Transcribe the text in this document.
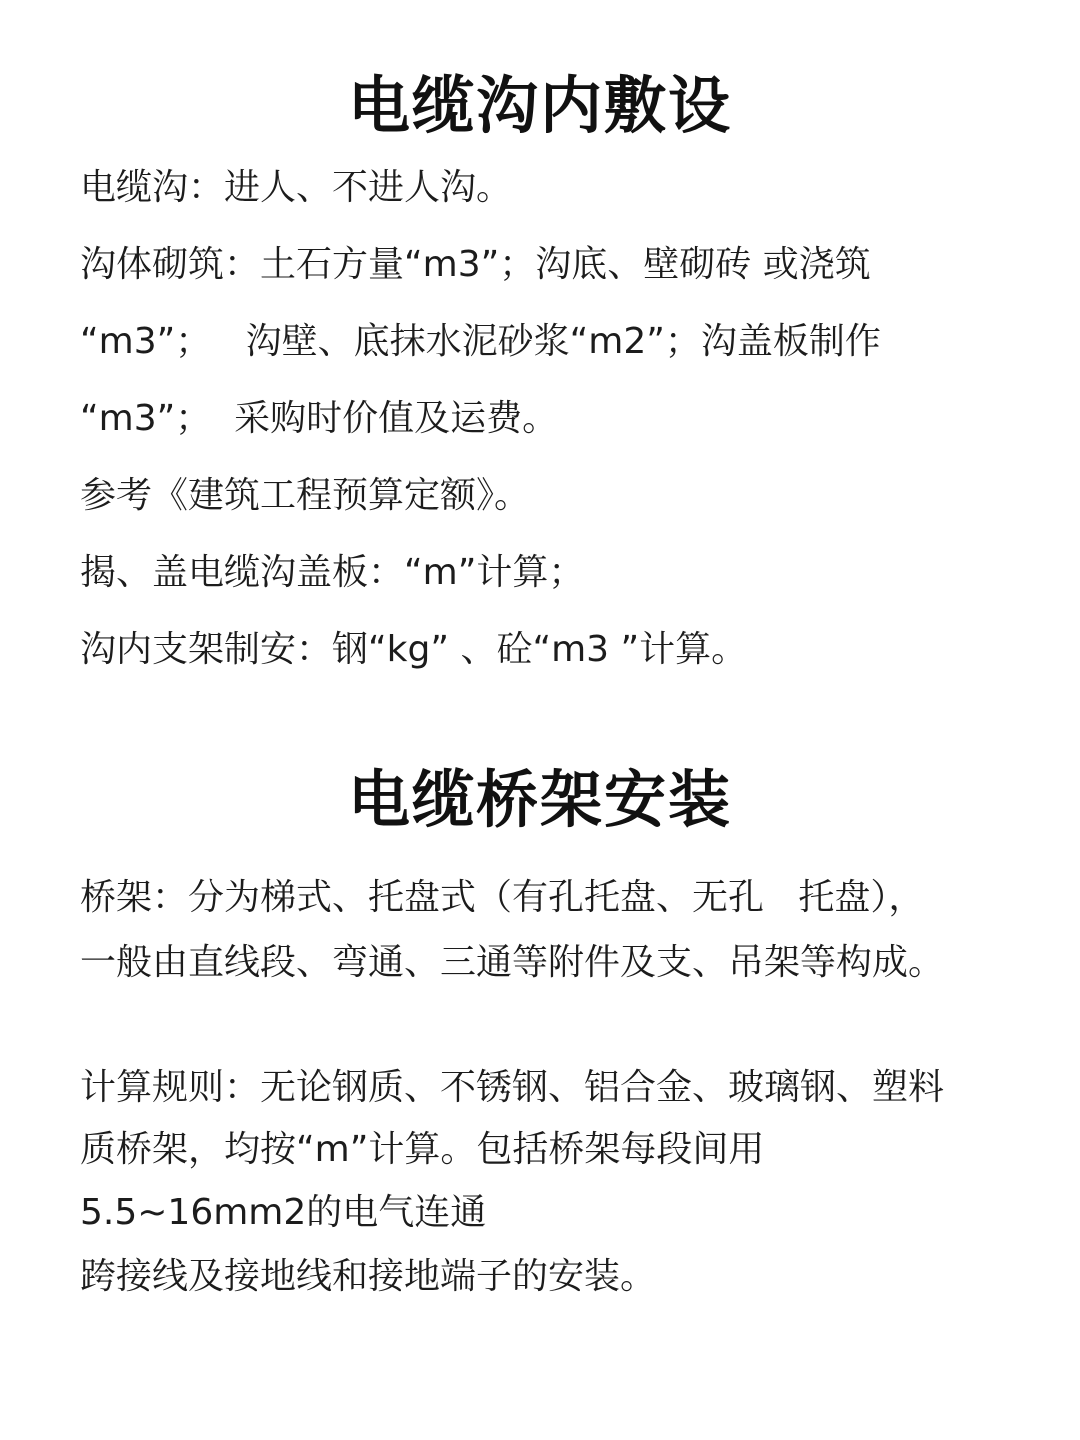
电缆沟内敷设
电缆沟：进人、不进人沟。
沟体砌筑：土石方量“m3”；沟底、壁砌砖 或浇筑
“m3”；   沟壁、底抹水泥砂浆“m2”；沟盖板制作
“m3”；  采购时价值及运费。
参考《建筑工程预算定额》。
揭、盖电缆沟盖板：“m”计算；
沟内支架制安：钢“kg” 、砼“m3 ”计算。
电缆桥架安装
桥架：分为梯式、托盘式（有孔托盘、无孔   托盘），
一般由直线段、弯通、三通等附件及支、吊架等构成。
计算规则：无论钢质、不锈钢、铝合金、玻璃钢、塑料
质桥架，均按“m”计算。包括桥架每段间用
5.5~16mm2的电气连通
跨接线及接地线和接地端子的安装。
